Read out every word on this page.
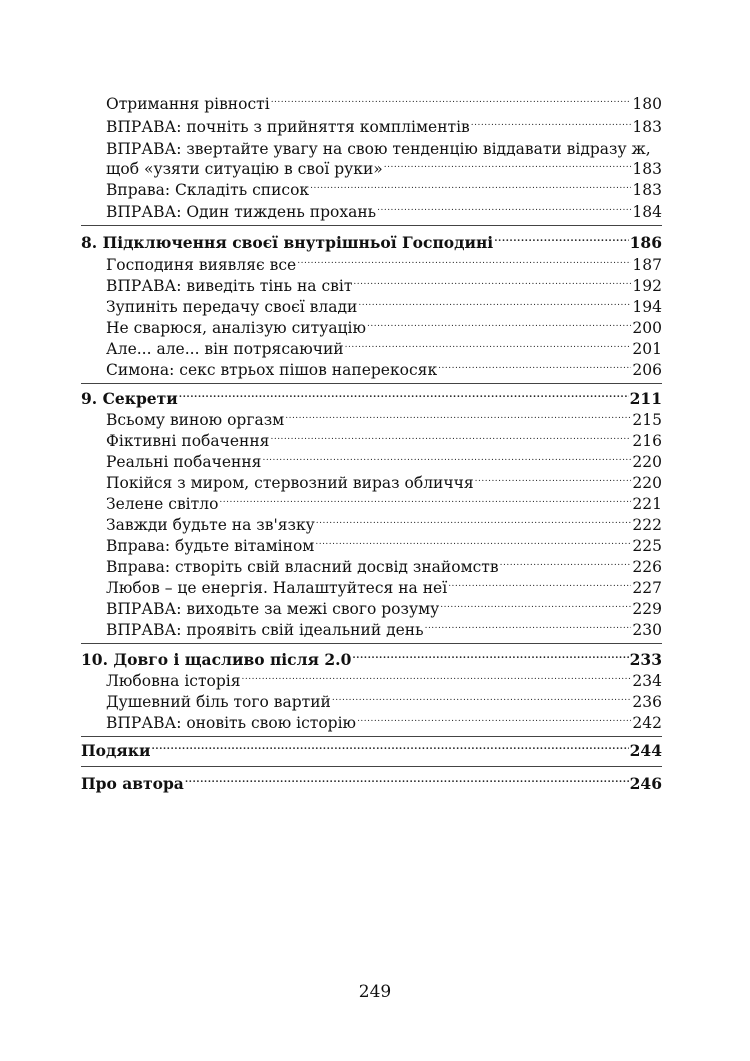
Отримання рівності .....	180
ВПРАВА: почніть з прийняття компліментів .....	183
ВПРАВА: звертайте увагу на свою тенденцію віддавати відразу ж,
щоб «узяти ситуацію в свої руки» .....	183
Вправа: Складіть список .....	183
ВПРАВА: Один тиждень прохань .....	184
8. Підключення своєї внутрішньої Господині .....	186
Господиня виявляє все .....	187
ВПРАВА: виведіть тінь на світ .....	192
Зупиніть передачу своєї влади .....	194
Не сварюся, аналізую ситуацію .....	200
Але... але... він потрясаючий .....	201
Симона: секс втрьох пішов наперекосяк .....	206
9. Секрети .....	211
Всьому виною оргазм .....	215
Фіктивні побачення .....	216
Реальні побачення .....	220
Покійся з миром, стервозний вираз обличчя .....	220
Зелене світло .....	221
Завжди будьте на зв'язку .....	222
Вправа: будьте вітаміном .....	225
Вправа: створіть свій власний досвід знайомств .....	226
Любов – це енергія. Налаштуйтеся на неї .....	227
ВПРАВА: виходьте за межі свого розуму .....	229
ВПРАВА: проявіть свій ідеальний день .....	230
10. Довго і щасливо після 2.0 .....	233
Любовна історія .....	234
Душевний біль того вартий .....	236
ВПРАВА: оновіть свою історію .....	242
Подяки .....	244
Про автора .....	246
249
